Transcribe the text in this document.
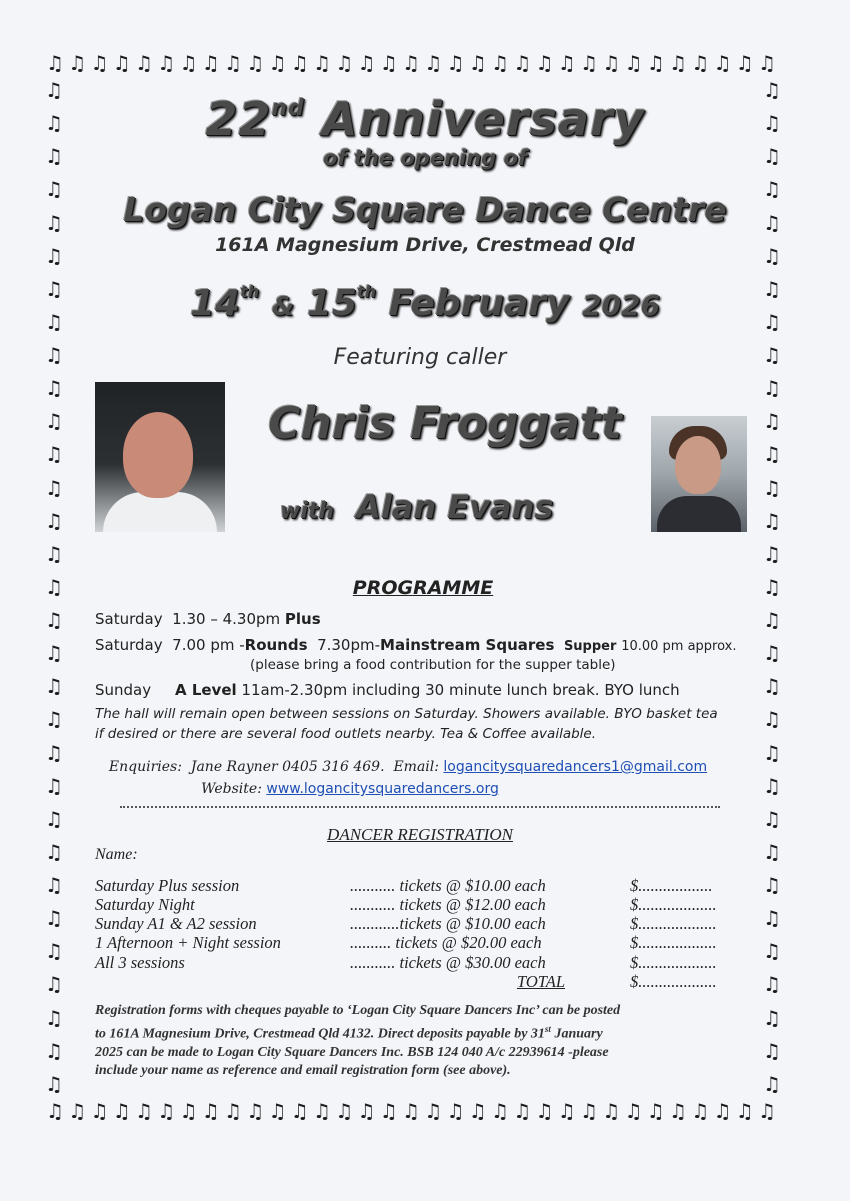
♫ ♫ ♫ ♫ ♫ ♫ ♫ ♫ ♫ ♫ ♫ ♫ ♫ ♫ ♫ ♫ ♫ ♫ ♫ ♫ ♫ ♫ ♫ ♫ ♫ ♫ ♫ ♫ ♫ ♫ ♫ ♫ ♫
♫ ♫ ♫ ♫ ♫ ♫ ♫ ♫ ♫ ♫ ♫ ♫ ♫ ♫ ♫ ♫ ♫ ♫ ♫ ♫ ♫ ♫ ♫ ♫ ♫ ♫ ♫ ♫ ♫ ♫ ♫ ♫ ♫
♫
♫
♫
♫
♫
♫
♫
♫
♫
♫
♫
♫
♫
♫
♫
♫
♫
♫
♫
♫
♫
♫
♫
♫
♫
♫
♫
♫
♫
♫
♫
♫
♫
♫
♫
♫
♫
♫
♫
♫
♫
♫
♫
♫
♫
♫
♫
♫
♫
♫
♫
♫
♫
♫
♫
♫
♫
♫
♫
♫
♫
♫
22nd Anniversary
of the opening of
Logan City Square Dance Centre
161A Magnesium Drive, Crestmead Qld
14th & 15th February 2026
Featuring caller
Chris Froggatt
with Alan Evans
PROGRAMME
Saturday 1.30 – 4.30pm Plus
Saturday 7.00 pm -Rounds 7.30pm-Mainstream Squares Supper 10.00 pm approx.
(please bring a food contribution for the supper table)
Sunday A Level 11am-2.30pm including 30 minute lunch break. BYO lunch
The hall will remain open between sessions on Saturday. Showers available. BYO basket tea
if desired or there are several food outlets nearby. Tea & Coffee available.
Enquiries: Jane Rayner 0405 316 469. Email: logancitysquaredancers1@gmail.com
Website: www.logancitysquaredancers.org
DANCER REGISTRATION
Name:
Saturday Plus session	........... tickets @ $10.00 each	$..................
Saturday Night	........... tickets @ $12.00 each	$...................
Sunday A1 & A2 session	............tickets @ $10.00 each	$...................
1 Afternoon + Night session	.......... tickets @ $20.00 each	$...................
All 3 sessions	........... tickets @ $30.00 each	$...................
TOTAL	$...................
Registration forms with cheques payable to ‘Logan City Square Dancers Inc’ can be posted
to 161A Magnesium Drive, Crestmead Qld 4132. Direct deposits payable by 31st January
2025 can be made to Logan City Square Dancers Inc. BSB 124 040 A/c 22939614 -please
include your name as reference and email registration form (see above).
